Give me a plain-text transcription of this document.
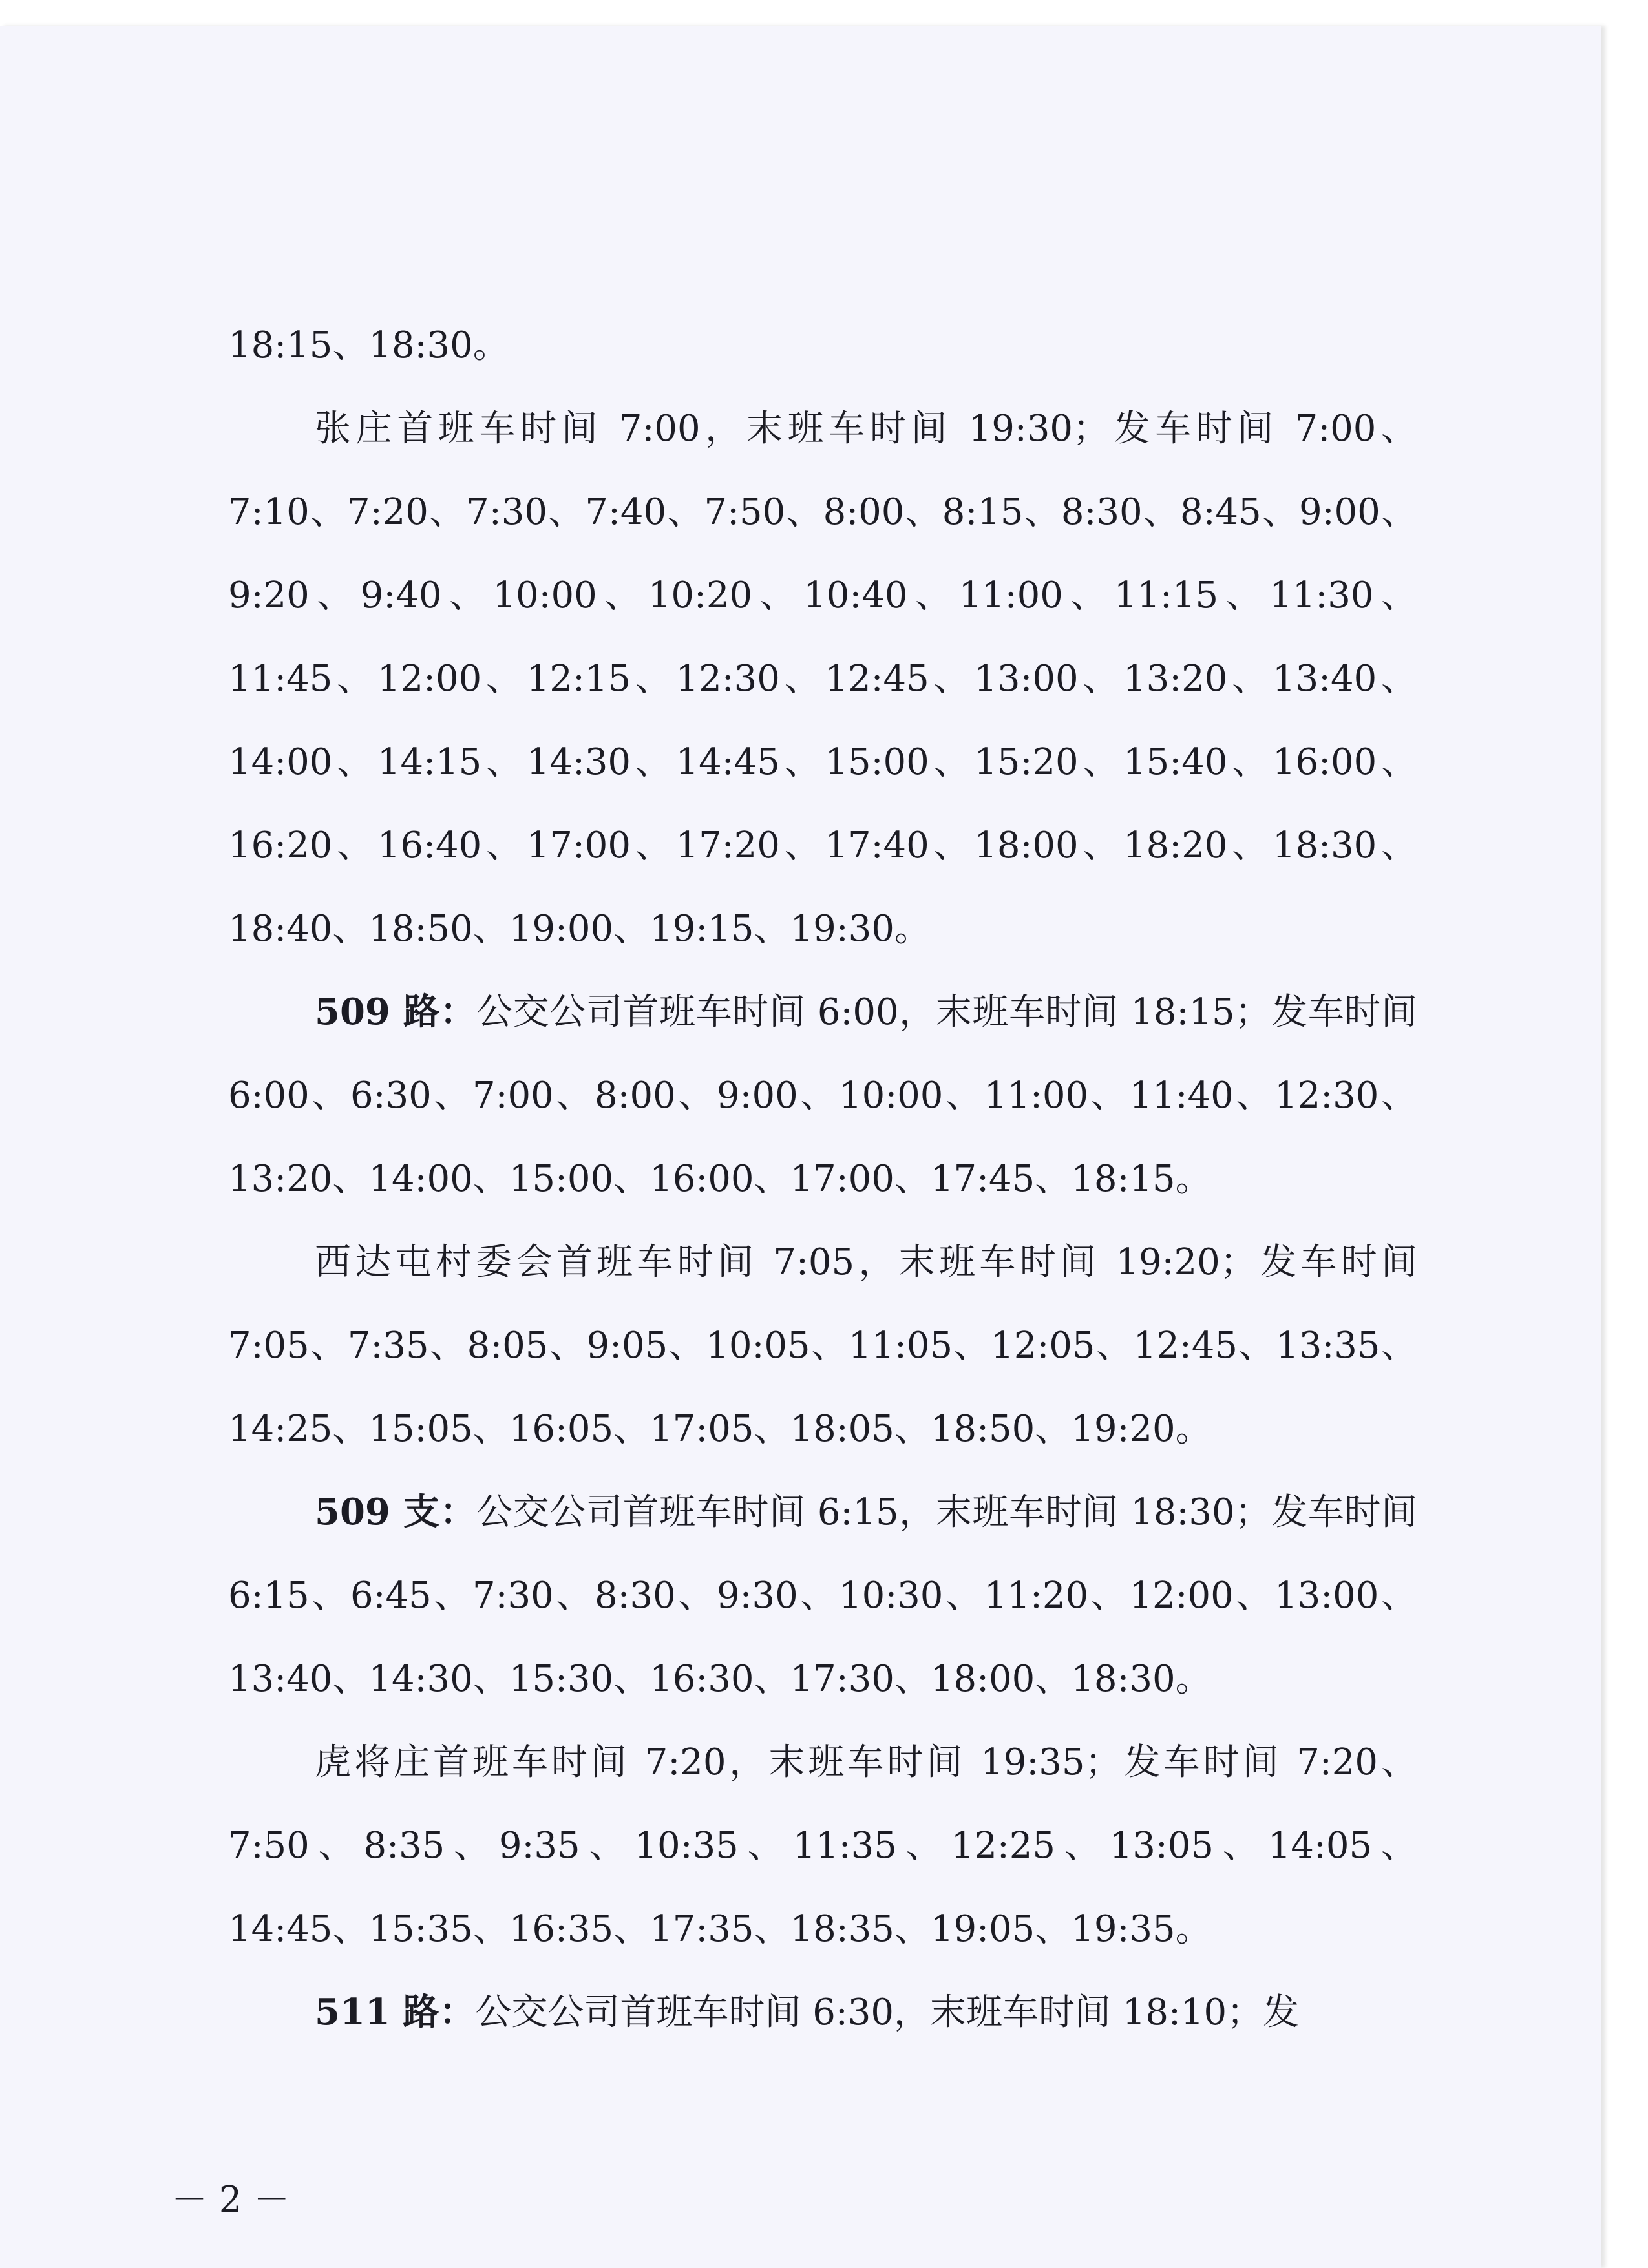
18:15、18:30。

张庄首班车时间 7:00，末班车时间 19:30；发车时间 7:00、7:10、7:20、7:30、7:40、7:50、8:00、8:15、8:30、8:45、9:00、9:20、9:40、10:00、10:20、10:40、11:00、11:15、11:30、11:45、12:00、12:15、12:30、12:45、13:00、13:20、13:40、14:00、14:15、14:30、14:45、15:00、15:20、15:40、16:00、16:20、16:40、17:00、17:20、17:40、18:00、18:20、18:30、18:40、18:50、19:00、19:15、19:30。

509 路：公交公司首班车时间 6:00，末班车时间 18:15；发车时间 6:00、6:30、7:00、8:00、9:00、10:00、11:00、11:40、12:30、13:20、14:00、15:00、16:00、17:00、17:45、18:15。

西达屯村委会首班车时间 7:05，末班车时间 19:20；发车时间 7:05、7:35、8:05、9:05、10:05、11:05、12:05、12:45、13:35、14:25、15:05、16:05、17:05、18:05、18:50、19:20。

509 支：公交公司首班车时间 6:15，末班车时间 18:30；发车时间 6:15、6:45、7:30、8:30、9:30、10:30、11:20、12:00、13:00、13:40、14:30、15:30、16:30、17:30、18:00、18:30。

虎将庄首班车时间 7:20，末班车时间 19:35；发车时间 7:20、7:50、8:35、9:35、10:35、11:35、12:25、13:05、14:05、14:45、15:35、16:35、17:35、18:35、19:05、19:35。

511 路：公交公司首班车时间 6:30，末班车时间 18:10；发

－ 2 －
